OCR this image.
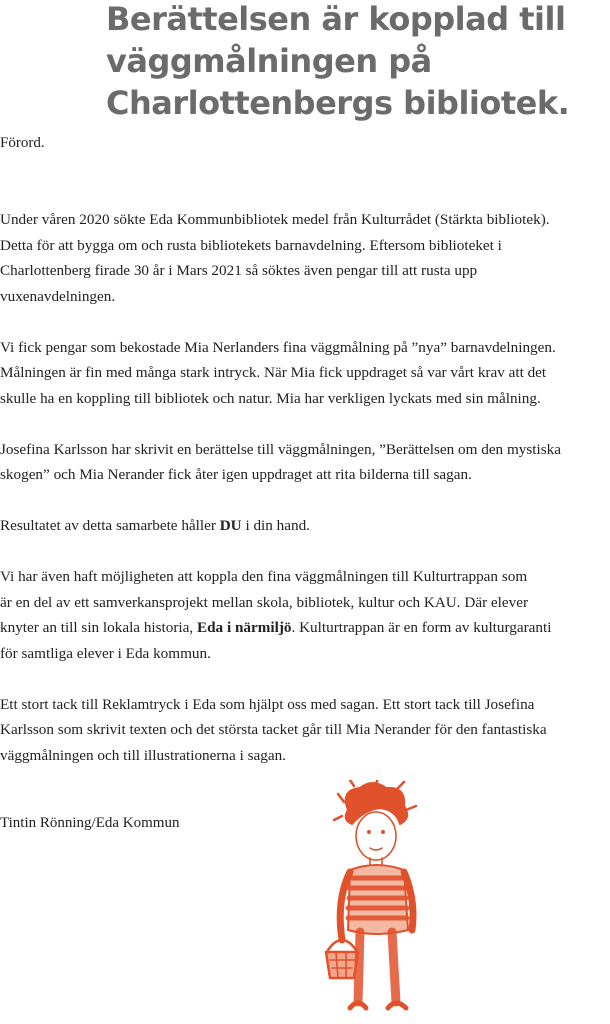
Berättelsen är kopplad till
väggmålningen på
Charlottenbergs bibliotek.

Förord.

Under våren 2020 sökte Eda Kommunbibliotek medel från Kulturrådet (Stärkta bibliotek).
Detta för att bygga om och rusta bibliotekets barnavdelning. Eftersom biblioteket i
Charlottenberg firade 30 år i Mars 2021 så söktes även pengar till att rusta upp
vuxenavdelningen.

Vi fick pengar som bekostade Mia Nerlanders fina väggmålning på ”nya” barnavdelningen.
Målningen är fin med många stark intryck. När Mia fick uppdraget så var vårt krav att det
skulle ha en koppling till bibliotek och natur. Mia har verkligen lyckats med sin målning.

Josefina Karlsson har skrivit en berättelse till väggmålningen, ”Berättelsen om den mystiska
skogen” och Mia Nerander fick åter igen uppdraget att rita bilderna till sagan.

Resultatet av detta samarbete håller DU i din hand.

Vi har även haft möjligheten att koppla den fina väggmålningen till Kulturtrappan som
är en del av ett samverkansprojekt mellan skola, bibliotek, kultur och KAU. Där elever
knyter an till sin lokala historia, Eda i närmiljö. Kulturtrappan är en form av kulturgaranti
för samtliga elever i Eda kommun.

Ett stort tack till Reklamtryck i Eda som hjälpt oss med sagan. Ett stort tack till Josefina
Karlsson som skrivit texten och det största tacket går till Mia Nerander för den fantastiska
väggmålningen och till illustrationerna i sagan.

Tintin Rönning/Eda Kommun
